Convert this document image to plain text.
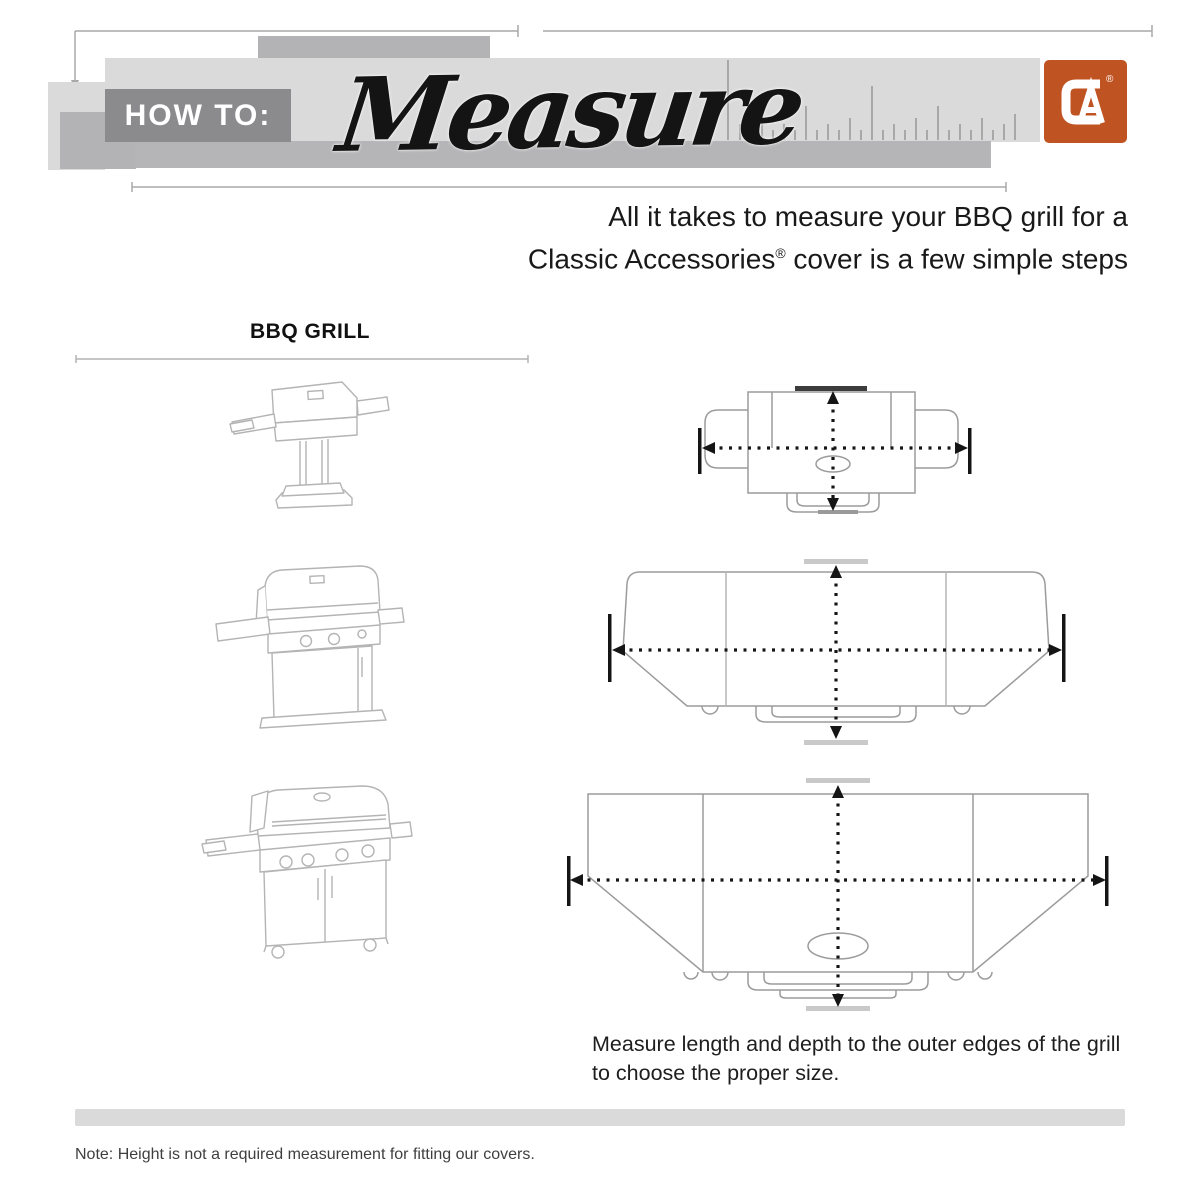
HOW TO: Measure	®
All it takes to measure your BBQ grill for a
Classic Accessories® cover is a few simple steps
BBQ GRILL
Measure length and depth to the outer edges of the grill
to choose the proper size.
Note: Height is not a required measurement for fitting our covers.
